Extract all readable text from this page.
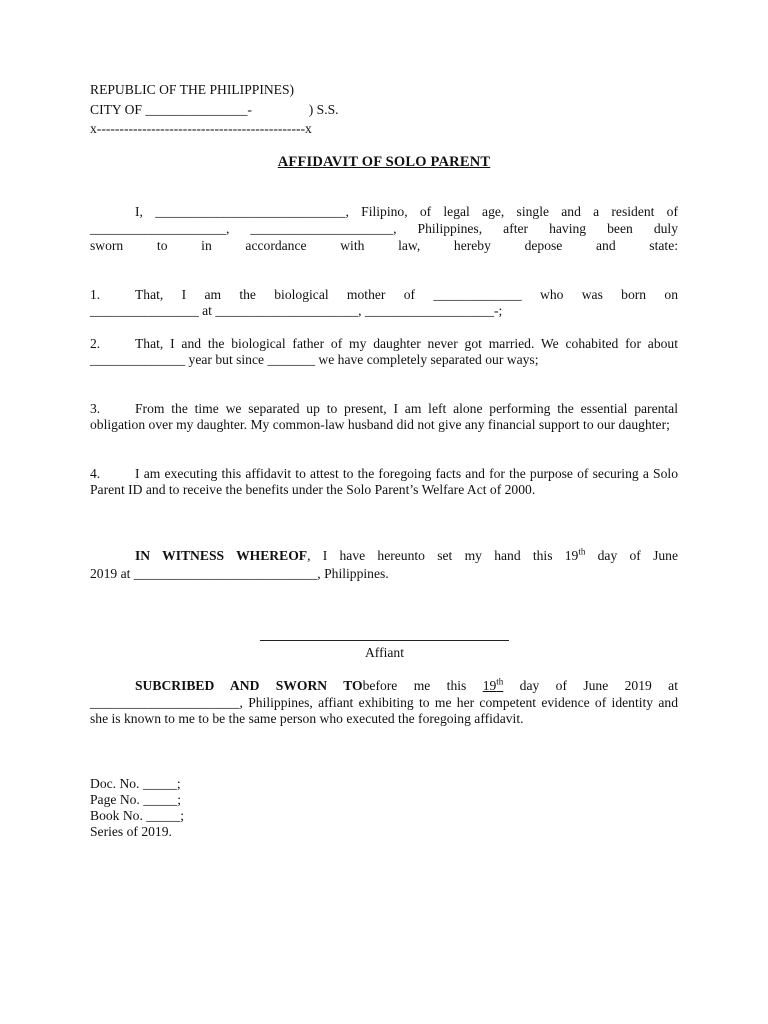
REPUBLIC OF THE PHILIPPINES)
CITY OF _______________-	) S.S.
x----------------------------------------------x
AFFIDAVIT OF SOLO PARENT
I, ____________________________, Filipino, of legal age, single and a resident of
____________________, _____________________, Philippines, after having been duly
sworn to in accordance with law, hereby depose and state:
1.	That, I am the biological mother of _____________ who was born on
________________ at _____________________, ___________________-;
2.	That, I and the biological father of my daughter never got married. We cohabited for about ______________ year but since _______ we have completely separated our ways;
3.	From the time we separated up to present, I am left alone performing the essential parental obligation over my daughter. My common-law husband did not give any financial support to our daughter;
4.	I am executing this affidavit to attest to the foregoing facts and for the purpose of securing a Solo Parent ID and to receive the benefits under the Solo Parent’s Welfare Act of 2000.
IN WITNESS WHEREOF, I have hereunto set my hand this 19th day of June
2019 at ___________________________, Philippines.
Affiant
SUBCRIBED AND SWORN TObefore me this 19th day of June 2019 at
______________________, Philippines, affiant exhibiting to me her competent evidence of identity and she is known to me to be the same person who executed the foregoing affidavit.
Doc. No. _____;
Page No. _____;
Book No. _____;
Series of 2019.
